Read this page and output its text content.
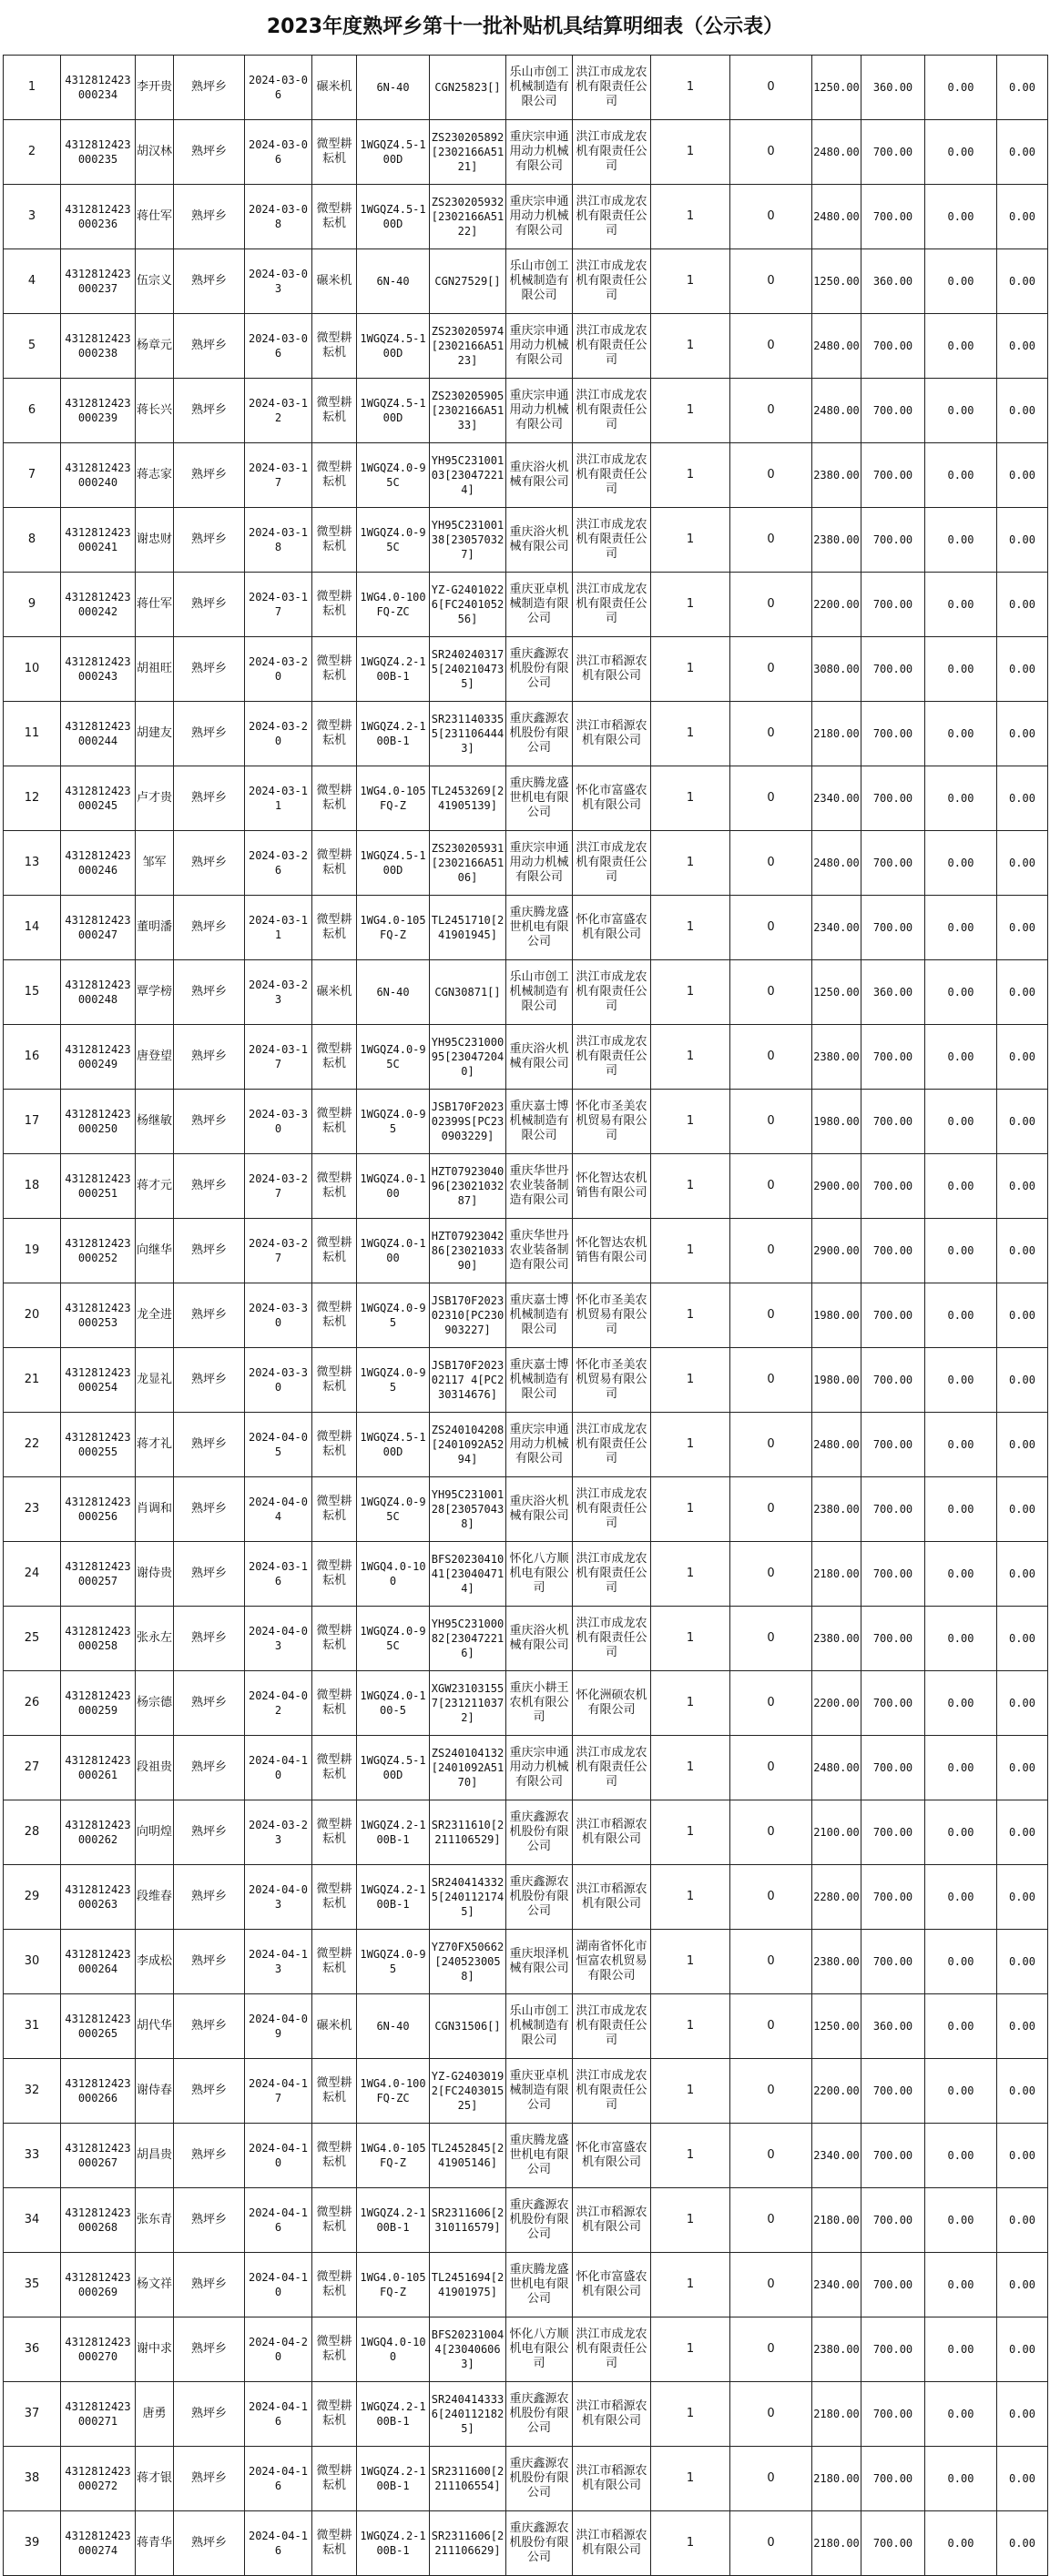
2023年度熟坪乡第十一批补贴机具结算明细表（公示表）
1	4312812423000234	李开贵	熟坪乡	2024-03-06	碾米机	6N-40	CGN25823[]	乐山市创工机械制造有限公司	洪江市成龙农机有限责任公司	1	0	1250.00	360.00	0.00	0.00
2	4312812423000235	胡汉林	熟坪乡	2024-03-06	微型耕耘机	1WGQZ4.5-100D	ZS230205892[2302166A5121]	重庆宗申通用动力机械有限公司	洪江市成龙农机有限责任公司	1	0	2480.00	700.00	0.00	0.00
3	4312812423000236	蒋仕军	熟坪乡	2024-03-08	微型耕耘机	1WGQZ4.5-100D	ZS230205932[2302166A5122]	重庆宗申通用动力机械有限公司	洪江市成龙农机有限责任公司	1	0	2480.00	700.00	0.00	0.00
4	4312812423000237	伍宗义	熟坪乡	2024-03-03	碾米机	6N-40	CGN27529[]	乐山市创工机械制造有限公司	洪江市成龙农机有限责任公司	1	0	1250.00	360.00	0.00	0.00
5	4312812423000238	杨章元	熟坪乡	2024-03-06	微型耕耘机	1WGQZ4.5-100D	ZS230205974[2302166A5123]	重庆宗申通用动力机械有限公司	洪江市成龙农机有限责任公司	1	0	2480.00	700.00	0.00	0.00
6	4312812423000239	蒋长兴	熟坪乡	2024-03-12	微型耕耘机	1WGQZ4.5-100D	ZS230205905[2302166A5133]	重庆宗申通用动力机械有限公司	洪江市成龙农机有限责任公司	1	0	2480.00	700.00	0.00	0.00
7	4312812423000240	蒋志家	熟坪乡	2024-03-17	微型耕耘机	1WGQZ4.0-95C	YH95C23100103[230472214]	重庆浴火机械有限公司	洪江市成龙农机有限责任公司	1	0	2380.00	700.00	0.00	0.00
8	4312812423000241	谢忠财	熟坪乡	2024-03-18	微型耕耘机	1WGQZ4.0-95C	YH95C23100138[230570327]	重庆浴火机械有限公司	洪江市成龙农机有限责任公司	1	0	2380.00	700.00	0.00	0.00
9	4312812423000242	蒋仕军	熟坪乡	2024-03-17	微型耕耘机	1WG4.0-100FQ-ZC	YZ-G24010226[FC240105256]	重庆亚卓机械制造有限公司	洪江市成龙农机有限责任公司	1	0	2200.00	700.00	0.00	0.00
10	4312812423000243	胡祖旺	熟坪乡	2024-03-20	微型耕耘机	1WGQZ4.2-100B-1	SR2402403175[2402104735]	重庆鑫源农机股份有限公司	洪江市稻源农机有限公司	1	0	3080.00	700.00	0.00	0.00
11	4312812423000244	胡建友	熟坪乡	2024-03-20	微型耕耘机	1WGQZ4.2-100B-1	SR2311403355[2311064443]	重庆鑫源农机股份有限公司	洪江市稻源农机有限公司	1	0	2180.00	700.00	0.00	0.00
12	4312812423000245	卢才贵	熟坪乡	2024-03-11	微型耕耘机	1WG4.0-105FQ-Z	TL2453269[241905139]	重庆腾龙盛世机电有限公司	怀化市富盛农机有限公司	1	0	2340.00	700.00	0.00	0.00
13	4312812423000246	邹军	熟坪乡	2024-03-26	微型耕耘机	1WGQZ4.5-100D	ZS230205931[2302166A5106]	重庆宗申通用动力机械有限公司	洪江市成龙农机有限责任公司	1	0	2480.00	700.00	0.00	0.00
14	4312812423000247	董明潘	熟坪乡	2024-03-11	微型耕耘机	1WG4.0-105FQ-Z	TL2451710[241901945]	重庆腾龙盛世机电有限公司	怀化市富盛农机有限公司	1	0	2340.00	700.00	0.00	0.00
15	4312812423000248	覃学榜	熟坪乡	2024-03-23	碾米机	6N-40	CGN30871[]	乐山市创工机械制造有限公司	洪江市成龙农机有限责任公司	1	0	1250.00	360.00	0.00	0.00
16	4312812423000249	唐登望	熟坪乡	2024-03-17	微型耕耘机	1WGQZ4.0-95C	YH95C23100095[230472040]	重庆浴火机械有限公司	洪江市成龙农机有限责任公司	1	0	2380.00	700.00	0.00	0.00
17	4312812423000250	杨继敏	熟坪乡	2024-03-30	微型耕耘机	1WGQZ4.0-95	JSB170F202302399S[PC230903229]	重庆嘉士博机械制造有限公司	怀化市圣美农机贸易有限公司	1	0	1980.00	700.00	0.00	0.00
18	4312812423000251	蒋才元	熟坪乡	2024-03-27	微型耕耘机	1WGQZ4.0-100	HZT0792304096[2302103287]	重庆华世丹农业装备制造有限公司	怀化智达农机销售有限公司	1	0	2900.00	700.00	0.00	0.00
19	4312812423000252	向继华	熟坪乡	2024-03-27	微型耕耘机	1WGQZ4.0-100	HZT0792304286[2302103390]	重庆华世丹农业装备制造有限公司	怀化智达农机销售有限公司	1	0	2900.00	700.00	0.00	0.00
20	4312812423000253	龙全进	熟坪乡	2024-03-30	微型耕耘机	1WGQZ4.0-95	JSB170F202302310[PC230903227]	重庆嘉士博机械制造有限公司	怀化市圣美农机贸易有限公司	1	0	1980.00	700.00	0.00	0.00
21	4312812423000254	龙显礼	熟坪乡	2024-03-30	微型耕耘机	1WGQZ4.0-95	JSB170F202302117 4[PC230314676]	重庆嘉士博机械制造有限公司	怀化市圣美农机贸易有限公司	1	0	1980.00	700.00	0.00	0.00
22	4312812423000255	蒋才礼	熟坪乡	2024-04-05	微型耕耘机	1WGQZ4.5-100D	ZS240104208[2401092A5294]	重庆宗申通用动力机械有限公司	洪江市成龙农机有限责任公司	1	0	2480.00	700.00	0.00	0.00
23	4312812423000256	肖调和	熟坪乡	2024-04-04	微型耕耘机	1WGQZ4.0-95C	YH95C23100128[230570438]	重庆浴火机械有限公司	洪江市成龙农机有限责任公司	1	0	2380.00	700.00	0.00	0.00
24	4312812423000257	谢侍贵	熟坪乡	2024-03-16	微型耕耘机	1WGQ4.0-100	BFS2023041041[230404714]	怀化八方顺机电有限公司	洪江市成龙农机有限责任公司	1	0	2180.00	700.00	0.00	0.00
25	4312812423000258	张永左	熟坪乡	2024-04-03	微型耕耘机	1WGQZ4.0-95C	YH95C23100082[230472216]	重庆浴火机械有限公司	洪江市成龙农机有限责任公司	1	0	2380.00	700.00	0.00	0.00
26	4312812423000259	杨宗德	熟坪乡	2024-04-02	微型耕耘机	1WGQZ4.0-100-5	XGW231031557[2312110372]	重庆小耕王农机有限公司	怀化洲硕农机有限公司	1	0	2200.00	700.00	0.00	0.00
27	4312812423000261	段祖贵	熟坪乡	2024-04-10	微型耕耘机	1WGQZ4.5-100D	ZS240104132[2401092A5170]	重庆宗申通用动力机械有限公司	洪江市成龙农机有限责任公司	1	0	2480.00	700.00	0.00	0.00
28	4312812423000262	向明煌	熟坪乡	2024-03-23	微型耕耘机	1WGQZ4.2-100B-1	SR2311610[2211106529]	重庆鑫源农机股份有限公司	洪江市稻源农机有限公司	1	0	2100.00	700.00	0.00	0.00
29	4312812423000263	段维春	熟坪乡	2024-04-03	微型耕耘机	1WGQZ4.2-100B-1	SR2404143325[2401121745]	重庆鑫源农机股份有限公司	洪江市稻源农机有限公司	1	0	2280.00	700.00	0.00	0.00
30	4312812423000264	李成松	熟坪乡	2024-04-13	微型耕耘机	1WGQZ4.0-95	YZ70FX50662[2405230058]	重庆垠泽机械有限公司	湖南省怀化市恒富农机贸易有限公司	1	0	2380.00	700.00	0.00	0.00
31	4312812423000265	胡代华	熟坪乡	2024-04-09	碾米机	6N-40	CGN31506[]	乐山市创工机械制造有限公司	洪江市成龙农机有限责任公司	1	0	1250.00	360.00	0.00	0.00
32	4312812423000266	谢侍春	熟坪乡	2024-04-17	微型耕耘机	1WG4.0-100FQ-ZC	YZ-G24030192[FC240301525]	重庆亚卓机械制造有限公司	洪江市成龙农机有限责任公司	1	0	2200.00	700.00	0.00	0.00
33	4312812423000267	胡昌贵	熟坪乡	2024-04-10	微型耕耘机	1WG4.0-105FQ-Z	TL2452845[241905146]	重庆腾龙盛世机电有限公司	怀化市富盛农机有限公司	1	0	2340.00	700.00	0.00	0.00
34	4312812423000268	张东青	熟坪乡	2024-04-16	微型耕耘机	1WGQZ4.2-100B-1	SR2311606[2310116579]	重庆鑫源农机股份有限公司	洪江市稻源农机有限公司	1	0	2180.00	700.00	0.00	0.00
35	4312812423000269	杨文祥	熟坪乡	2024-04-10	微型耕耘机	1WG4.0-105FQ-Z	TL2451694[241901975]	重庆腾龙盛世机电有限公司	怀化市富盛农机有限公司	1	0	2340.00	700.00	0.00	0.00
36	4312812423000270	谢中求	熟坪乡	2024-04-20	微型耕耘机	1WGQ4.0-100	BFS202310044[230406063]	怀化八方顺机电有限公司	洪江市成龙农机有限责任公司	1	0	2380.00	700.00	0.00	0.00
37	4312812423000271	唐勇	熟坪乡	2024-04-16	微型耕耘机	1WGQZ4.2-100B-1	SR2404143336[2401121825]	重庆鑫源农机股份有限公司	洪江市稻源农机有限公司	1	0	2180.00	700.00	0.00	0.00
38	4312812423000272	蒋才银	熟坪乡	2024-04-16	微型耕耘机	1WGQZ4.2-100B-1	SR2311600[2211106554]	重庆鑫源农机股份有限公司	洪江市稻源农机有限公司	1	0	2180.00	700.00	0.00	0.00
39	4312812423000274	蒋青华	熟坪乡	2024-04-16	微型耕耘机	1WGQZ4.2-100B-1	SR2311606[2211106629]	重庆鑫源农机股份有限公司	洪江市稻源农机有限公司	1	0	2180.00	700.00	0.00	0.00
